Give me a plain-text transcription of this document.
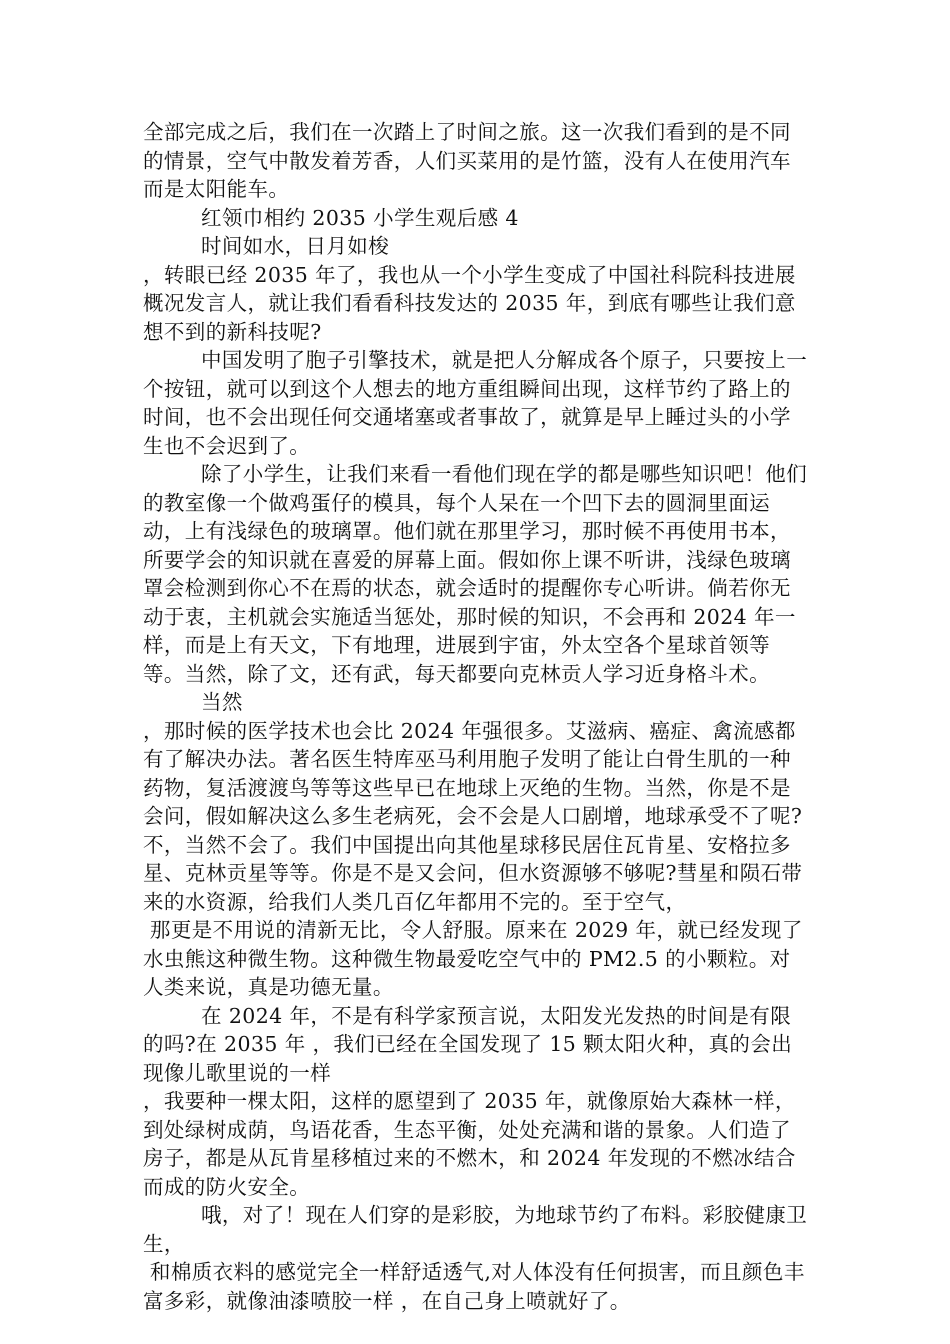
全部完成之后，我们在一次踏上了时间之旅。这一次我们看到的是不同的情景，空气中散发着芳香，人们买菜用的是竹篮，没有人在使用汽车而是太阳能车。

红领巾相约 2035 小学生观后感 4

时间如水，日月如梭

，转眼已经 2035 年了，我也从一个小学生变成了中国社科院科技进展概况发言人，就让我们看看科技发达的 2035 年，到底有哪些让我们意想不到的新科技呢?

中国发明了胞子引擎技术，就是把人分解成各个原子，只要按上一个按钮，就可以到这个人想去的地方重组瞬间出现，这样节约了路上的时间，也不会出现任何交通堵塞或者事故了，就算是早上睡过头的小学生也不会迟到了。

除了小学生，让我们来看一看他们现在学的都是哪些知识吧！他们的教室像一个做鸡蛋仔的模具，每个人呆在一个凹下去的圆洞里面运动，上有浅绿色的玻璃罩。他们就在那里学习，那时候不再使用书本，所要学会的知识就在喜爱的屏幕上面。假如你上课不听讲，浅绿色玻璃罩会检测到你心不在焉的状态，就会适时的提醒你专心听讲。倘若你无动于衷，主机就会实施适当惩处，那时候的知识，不会再和 2024 年一样，而是上有天文，下有地理，进展到宇宙，外太空各个星球首领等等。当然，除了文，还有武，每天都要向克林贡人学习近身格斗术。

当然

，那时候的医学技术也会比 2024 年强很多。艾滋病、癌症、禽流感都有了解决办法。著名医生特库巫马利用胞子发明了能让白骨生肌的一种药物，复活渡渡鸟等等这些早已在地球上灭绝的生物。当然，你是不是会问，假如解决这么多生老病死，会不会是人口剧增，地球承受不了呢?不，当然不会了。我们中国提出向其他星球移民居住瓦肯星、安格拉多星、克林贡星等等。你是不是又会问，但水资源够不够呢?彗星和陨石带来的水资源，给我们人类几百亿年都用不完的。至于空气，

那更是不用说的清新无比，令人舒服。原来在 2029 年，就已经发现了水虫熊这种微生物。这种微生物最爱吃空气中的 PM2.5 的小颗粒。对人类来说，真是功德无量。

在 2024 年，不是有科学家预言说，太阳发光发热的时间是有限的吗?在 2035 年 ，我们已经在全国发现了 15 颗太阳火种，真的会出现像儿歌里说的一样

，我要种一棵太阳，这样的愿望到了 2035 年，就像原始大森林一样，到处绿树成荫，鸟语花香，生态平衡，处处充满和谐的景象。人们造了房子，都是从瓦肯星移植过来的不燃木，和 2024 年发现的不燃冰结合而成的防火安全。

哦，对了！现在人们穿的是彩胶，为地球节约了布料。彩胶健康卫生，

和棉质衣料的感觉完全一样舒适透气,对人体没有任何损害，而且颜色丰富多彩，就像油漆喷胶一样 ，在自己身上喷就好了。
